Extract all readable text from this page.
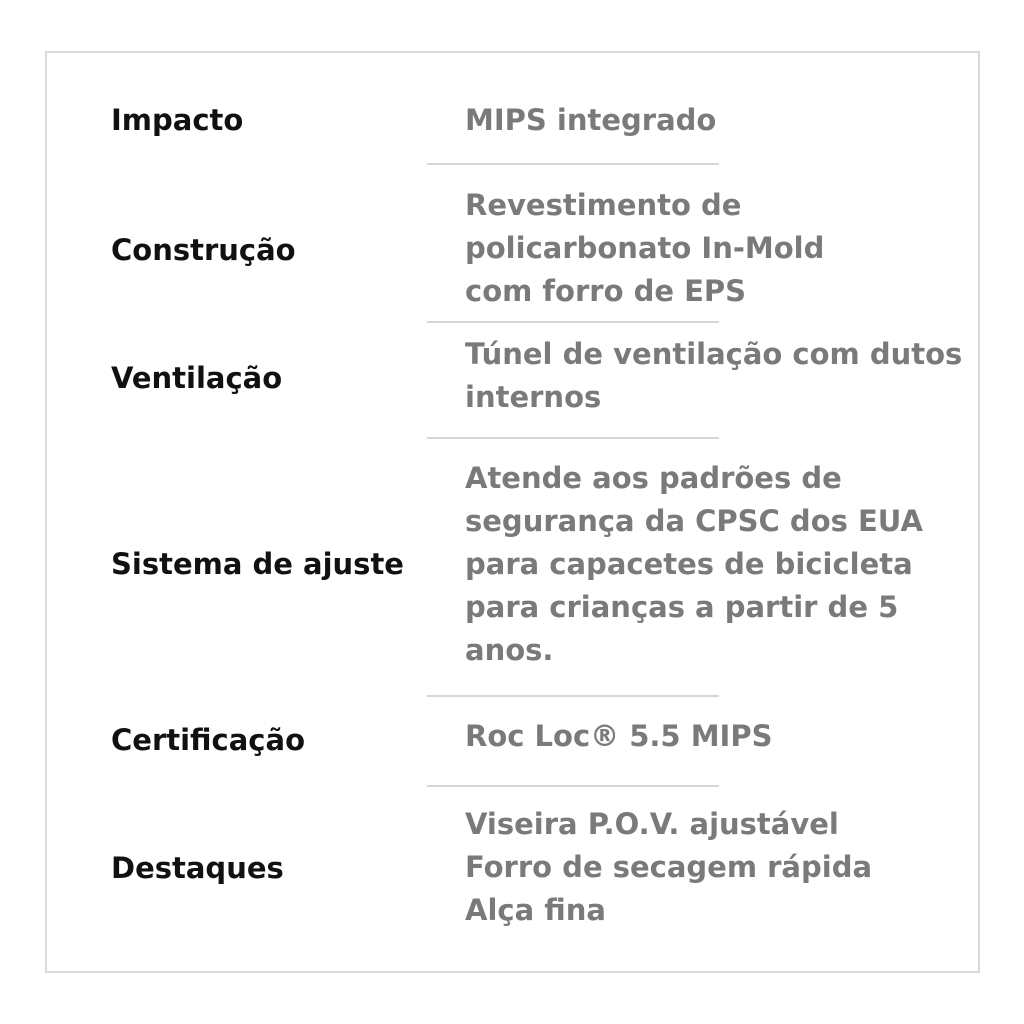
Impacto	MIPS integrado
Construção
Revestimento de
policarbonato In-Mold
com forro de EPS
Ventilação
Túnel de ventilação com dutos
internos
Sistema de ajuste
Atende aos padrões de
segurança da CPSC dos EUA
para capacetes de bicicleta
para crianças a partir de 5
anos.
Certificação	Roc Loc® 5.5 MIPS
Destaques
Viseira P.O.V. ajustável
Forro de secagem rápida
Alça fina
